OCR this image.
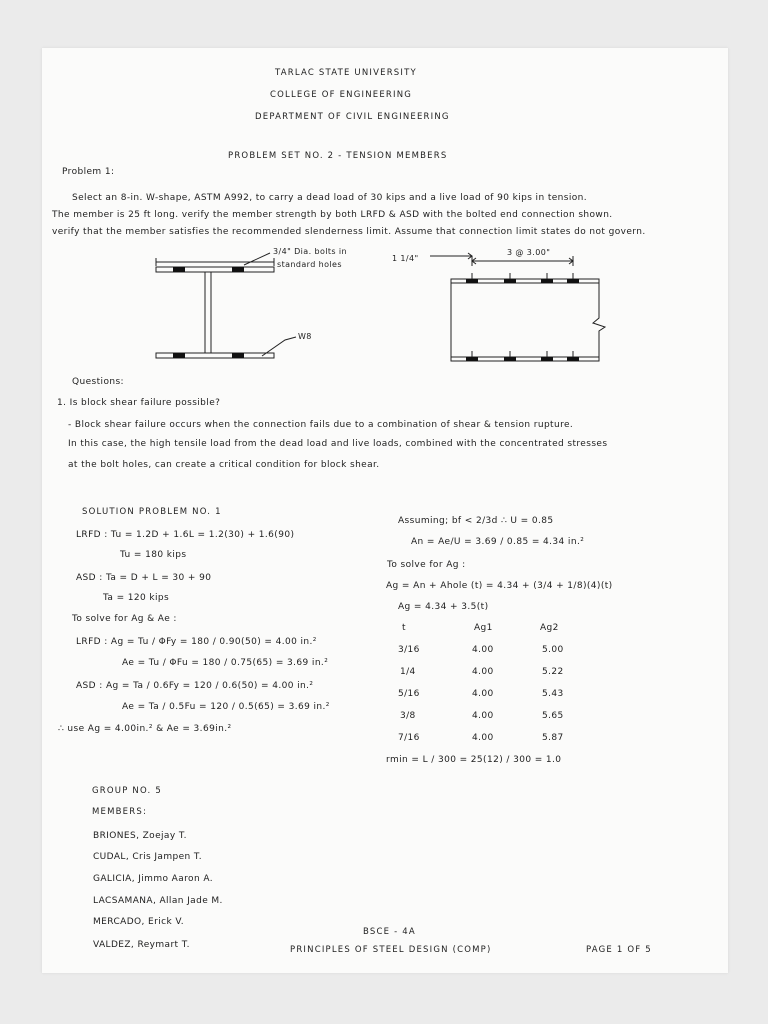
TARLAC STATE UNIVERSITY
COLLEGE OF ENGINEERING
DEPARTMENT OF CIVIL ENGINEERING
PROBLEM SET NO. 2 - TENSION MEMBERS
Problem 1:
Select an 8-in. W-shape, ASTM A992, to carry a dead load of 30 kips and a live load of 90 kips in tension.
The member is 25 ft long. verify the member strength by both LRFD & ASD with the bolted end connection shown.
verify that the member satisfies the recommended slenderness limit. Assume that connection limit states do not govern.
3/4" Dia. bolts in
standard holes
1 1/4"
3 @ 3.00"
W8
Questions:
1. Is block shear failure possible?
- Block shear failure occurs when the connection fails due to a combination of shear & tension rupture.
In this case, the high tensile load from the dead load and live loads, combined with the concentrated stresses
at the bolt holes, can create a critical condition for block shear.
SOLUTION PROBLEM NO. 1
LRFD : Tu = 1.2D + 1.6L = 1.2(30) + 1.6(90)
Tu = 180 kips
ASD : Ta = D + L = 30 + 90
Ta = 120 kips
To solve for Ag & Ae :
LRFD : Ag = Tu / ΦFy = 180 / 0.90(50) = 4.00 in.²
Ae = Tu / ΦFu = 180 / 0.75(65) = 3.69 in.²
ASD : Ag = Ta / 0.6Fy = 120 / 0.6(50) = 4.00 in.²
Ae = Ta / 0.5Fu = 120 / 0.5(65) = 3.69 in.²
∴ use Ag = 4.00in.² & Ae = 3.69in.²
Assuming; bf < 2/3d ∴ U = 0.85
An = Ae/U = 3.69 / 0.85 = 4.34 in.²
To solve for Ag :
Ag = An + Ahole (t) = 4.34 + (3/4 + 1/8)(4)(t)
Ag = 4.34 + 3.5(t)
t	Ag1	Ag2
3/16	4.00	5.00
1/4	4.00	5.22
5/16	4.00	5.43
3/8	4.00	5.65
7/16	4.00	5.87
rmin = L / 300 = 25(12) / 300 = 1.0
GROUP NO. 5
MEMBERS:
BRIONES, Zoejay T.
CUDAL, Cris Jampen T.
GALICIA, Jimmo Aaron A.
LACSAMANA, Allan Jade M.
MERCADO, Erick V.
VALDEZ, Reymart T.
BSCE - 4A
PRINCIPLES OF STEEL DESIGN (COMP)	PAGE 1 OF 5
